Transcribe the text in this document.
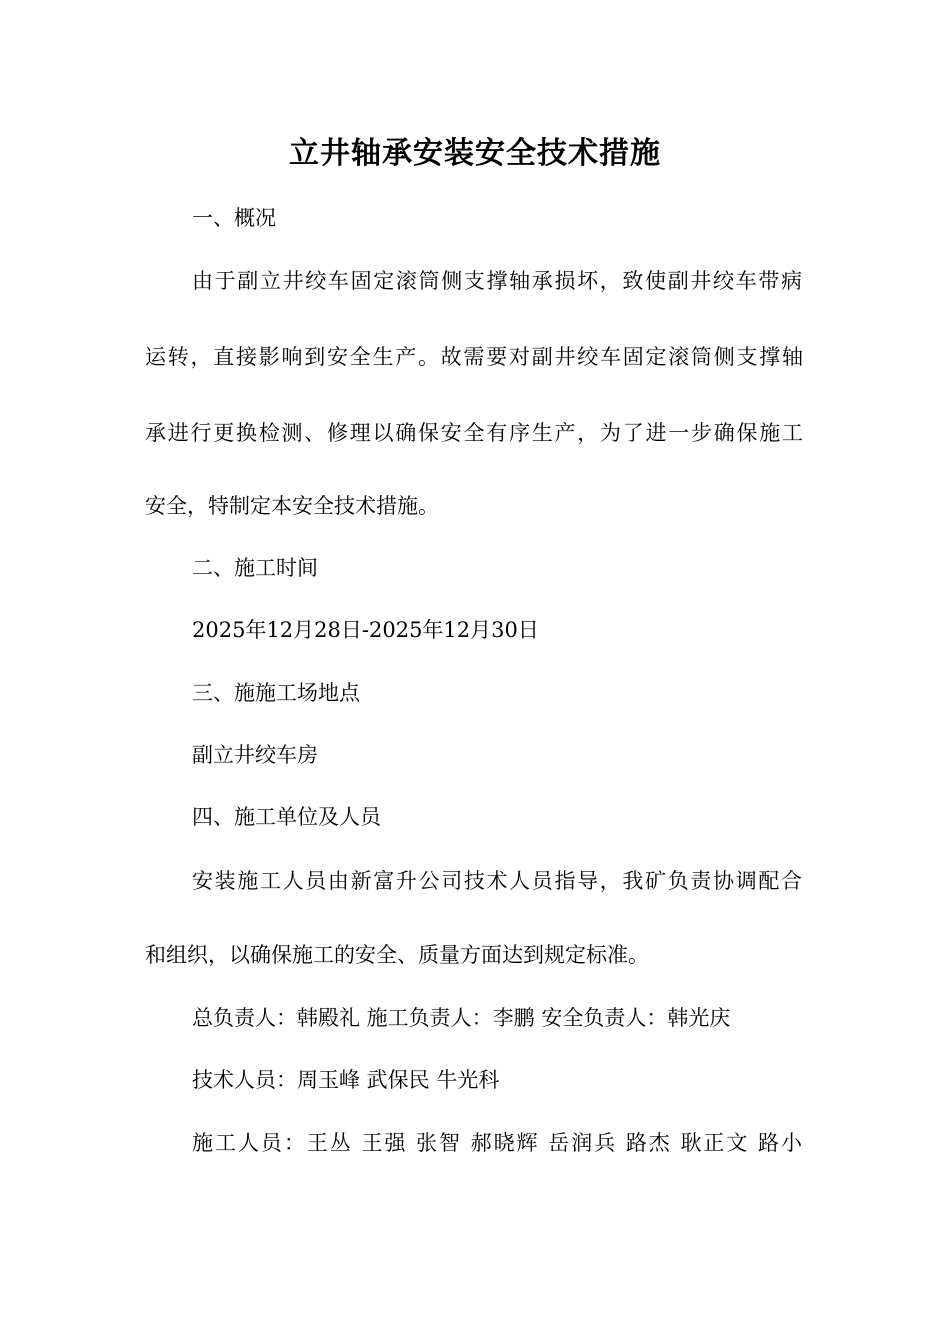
立井轴承安装安全技术措施

一、概况

由于副立井绞车固定滚筒侧支撑轴承损坏，致使副井绞车带病

运转，直接影响到安全生产。故需要对副井绞车固定滚筒侧支撑轴

承进行更换检测、修理以确保安全有序生产，为了进一步确保施工

安全，特制定本安全技术措施。

二、施工时间

2025年12月28日-2025年12月30日

三、施施工场地点

副立井绞车房

四、施工单位及人员

安装施工人员由新富升公司技术人员指导，我矿负责协调配合

和组织，以确保施工的安全、质量方面达到规定标准。

总负责人：韩殿礼 施工负责人：李鹏 安全负责人：韩光庆

技术人员：周玉峰 武保民 牛光科

施工人员：王丛 王强 张智 郝晓辉 岳润兵 路杰 耿正文 路小
